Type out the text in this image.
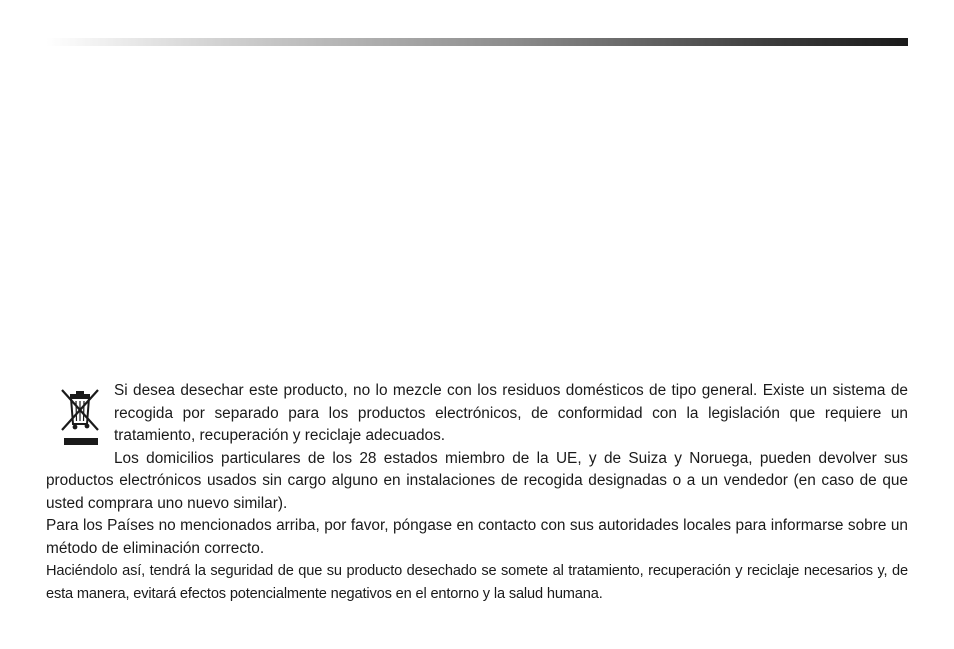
Si desea desechar este producto, no lo mezcle con los residuos domésticos de tipo general. Existe un sistema de recogida por separado para los productos electrónicos, de conformidad con la legislación que requiere un tratamiento, recuperación y reciclaje adecuados.

Los domicilios particulares de los 28 estados miembro de la UE, y de Suiza y Noruega, pueden devolver sus productos electrónicos usados sin cargo alguno en instalaciones de recogida designadas o a un vendedor (en caso de que usted comprara uno nuevo similar).

Para los Países no mencionados arriba, por favor, póngase en contacto con sus autoridades locales para informarse sobre un método de eliminación correcto.

Haciéndolo así, tendrá la seguridad de que su producto desechado se somete al tratamiento, recuperación y reciclaje necesarios y, de esta manera, evitará efectos potencialmente negativos en el entorno y la salud humana.
